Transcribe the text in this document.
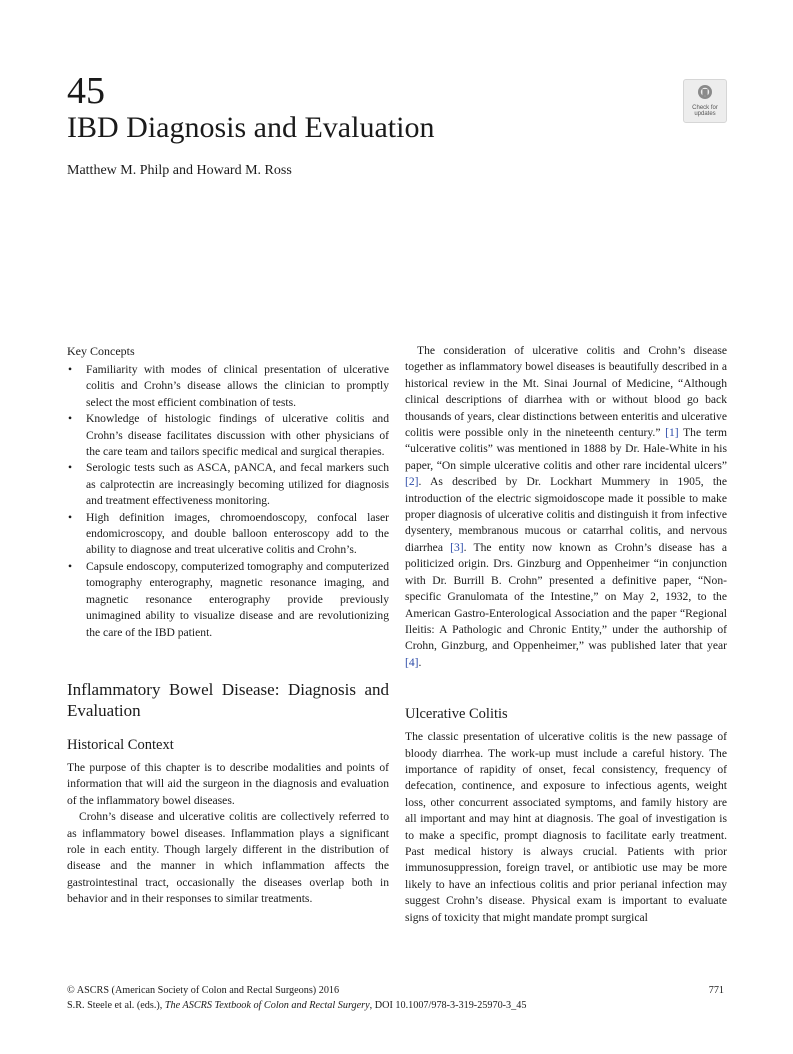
45
IBD Diagnosis and Evaluation
Matthew M. Philp and Howard M. Ross
Check for
updates
Key Concepts
• Familiarity with modes of clinical presentation of ulcerative colitis and Crohn’s disease allows the clinician to promptly select the most efficient combination of tests.
• Knowledge of histologic findings of ulcerative colitis and Crohn’s disease facilitates discussion with other physicians of the care team and tailors specific medical and surgical therapies.
• Serologic tests such as ASCA, pANCA, and fecal markers such as calprotectin are increasingly becoming utilized for diagnosis and treatment effectiveness monitoring.
• High definition images, chromoendoscopy, confocal laser endomicroscopy, and double balloon enteroscopy add to the ability to diagnose and treat ulcerative colitis and Crohn’s.
• Capsule endoscopy, computerized tomography and computerized tomography enterography, magnetic resonance imaging, and magnetic resonance enterography provide previously unimagined ability to visualize disease and are revolutionizing the care of the IBD patient.
Inflammatory Bowel Disease: Diagnosis and Evaluation
Historical Context

The purpose of this chapter is to describe modalities and points of information that will aid the surgeon in the diagnosis and evaluation of the inflammatory bowel diseases.

Crohn’s disease and ulcerative colitis are collectively referred to as inflammatory bowel diseases. Inflammation plays a significant role in each entity. Though largely different in the distribution of disease and the manner in which inflammation affects the gastrointestinal tract, occasionally the diseases overlap both in behavior and in their responses to similar treatments.

The consideration of ulcerative colitis and Crohn’s disease together as inflammatory bowel diseases is beautifully described in a historical review in the Mt. Sinai Journal of Medicine, “Although clinical descriptions of diarrhea with or without blood go back thousands of years, clear distinctions between enteritis and ulcerative colitis were possible only in the nineteenth century.” [1] The term “ulcerative colitis” was mentioned in 1888 by Dr. Hale-White in his paper, “On simple ulcerative colitis and other rare incidental ulcers” [2]. As described by Dr. Lockhart Mummery in 1905, the introduction of the electric sigmoidoscope made it possible to make proper diagnosis of ulcerative colitis and distinguish it from infective dysentery, membranous mucous or catarrhal colitis, and nervous diarrhea [3]. The entity now known as Crohn’s disease has a politicized origin. Drs. Ginzburg and Oppenheimer “in conjunction with Dr. Burrill B. Crohn” presented a definitive paper, “Non-specific Granulomata of the Intestine,” on May 2, 1932, to the American Gastro-Enterological Association and the paper “Regional Ileitis: A Pathologic and Chronic Entity,” under the authorship of Crohn, Ginzburg, and Oppenheimer,” was published later that year [4].

Ulcerative Colitis

The classic presentation of ulcerative colitis is the new passage of bloody diarrhea. The work-up must include a careful history. The importance of rapidity of onset, fecal consistency, frequency of defecation, continence, and exposure to infectious agents, weight loss, other concurrent associated symptoms, and family history are all important and may hint at diagnosis. The goal of investigation is to make a specific, prompt diagnosis to facilitate early treatment. Past medical history is always crucial. Patients with prior immunosuppression, foreign travel, or antibiotic use may be more likely to have an infectious colitis and prior perianal infection may suggest Crohn’s disease. Physical exam is important to evaluate signs of toxicity that might mandate prompt surgical

© ASCRS (American Society of Colon and Rectal Surgeons) 2016
S.R. Steele et al. (eds.), The ASCRS Textbook of Colon and Rectal Surgery, DOI 10.1007/978-3-319-25970-3_45
771
